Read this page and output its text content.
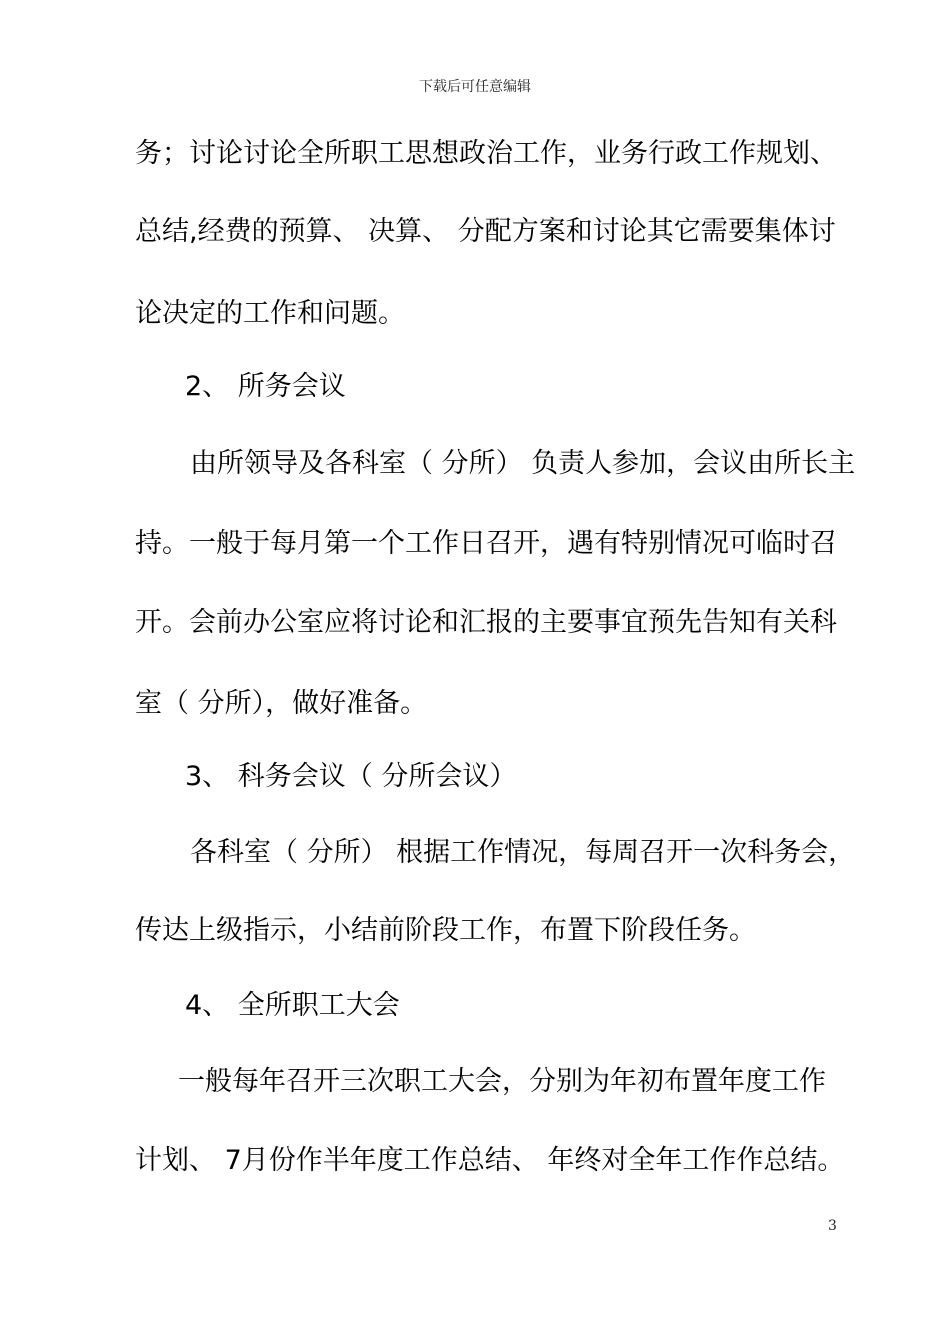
下载后可任意编辑
务；讨论讨论全所职工思想政治工作，业务行政工作规划、
总结,经费的预算、 决算、 分配方案和讨论其它需要集体讨
论决定的工作和问题。
2、 所务会议
由所领导及各科室（ 分所） 负责人参加，会议由所长主
持。一般于每月第一个工作日召开，遇有特别情况可临时召
开。会前办公室应将讨论和汇报的主要事宜预先告知有关科
室（ 分所），做好准备。
3、 科务会议（ 分所会议）
各科室（ 分所） 根据工作情况，每周召开一次科务会，
传达上级指示，小结前阶段工作，布置下阶段任务。
4、 全所职工大会
一般每年召开三次职工大会，分别为年初布置年度工作
计划、 7月份作半年度工作总结、 年终对全年工作作总结。
3
